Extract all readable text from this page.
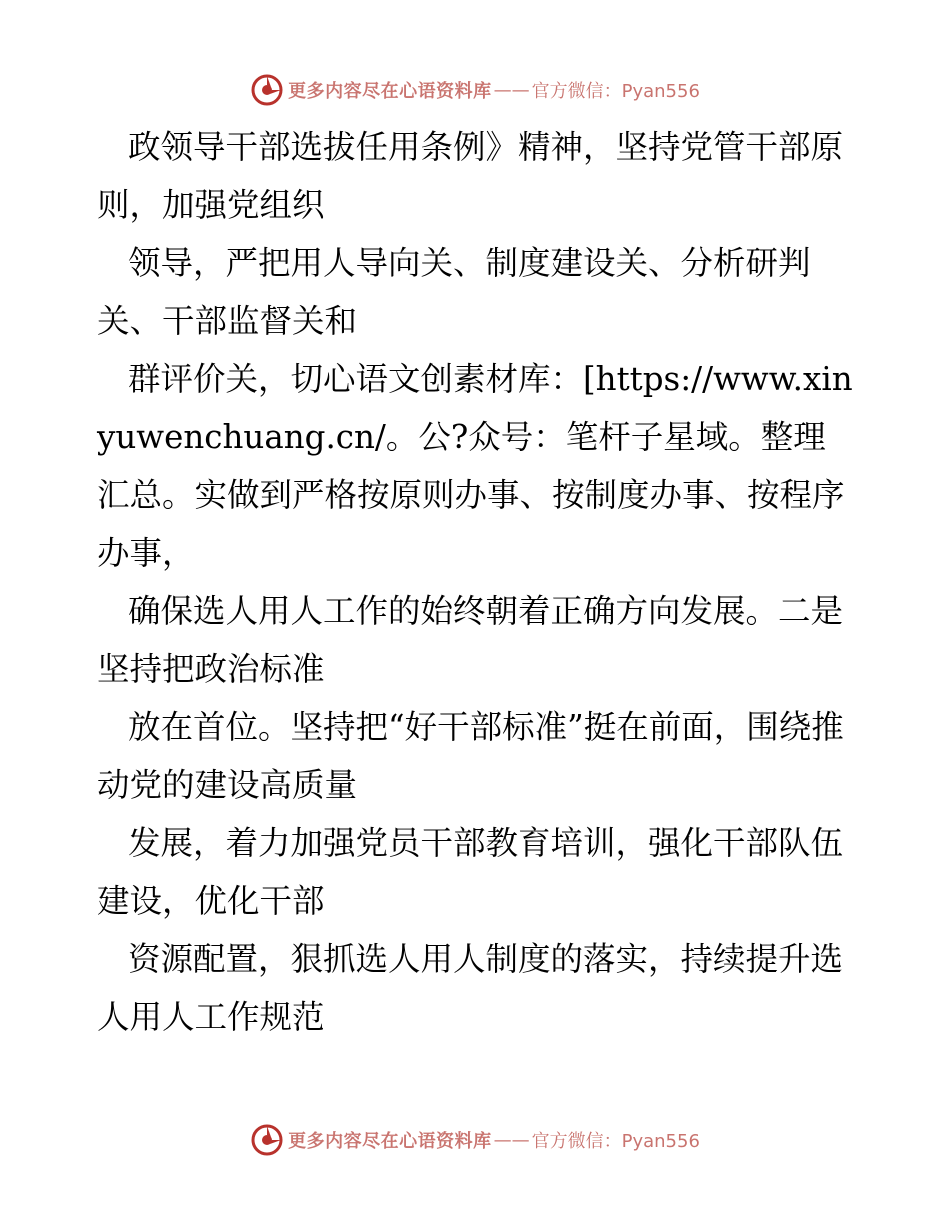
更多内容尽在心语资料库 —— 官方微信：Pyan556

政领导干部选拔任用条例》精神，坚持党管干部原则，加强党组织

领导，严把用人导向关、制度建设关、分析研判关、干部监督关和

群评价关，切心语文创素材库：[https://www.xinyuwenchuang.cn/。公?众号：笔杆子星域。整理汇总。实做到严格按原则办事、按制度办事、按程序办事，

确保选人用人工作的始终朝着正确方向发展。二是坚持把政治标准

放在首位。坚持把“好干部标准”挺在前面，围绕推动党的建设高质量

发展，着力加强党员干部教育培训，强化干部队伍建设，优化干部

资源配置，狠抓选人用人制度的落实，持续提升选人用人工作规范

更多内容尽在心语资料库 —— 官方微信：Pyan556
